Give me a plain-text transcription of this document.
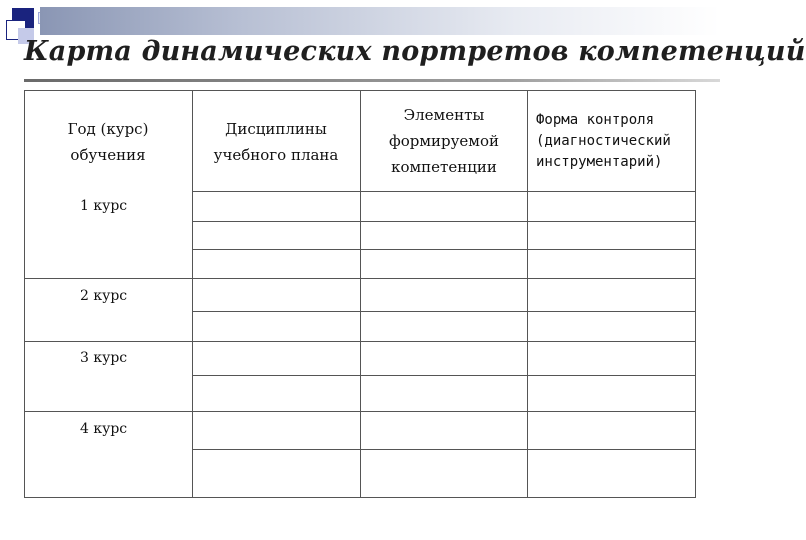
Карта динамических портретов компетенций
Год (курс) обучения
Дисциплины учебного плана
Элементы формируемой компетенции
Форма контроля (диагностический инструментарий)
1 курс
2 курс
3 курс
4 курс
